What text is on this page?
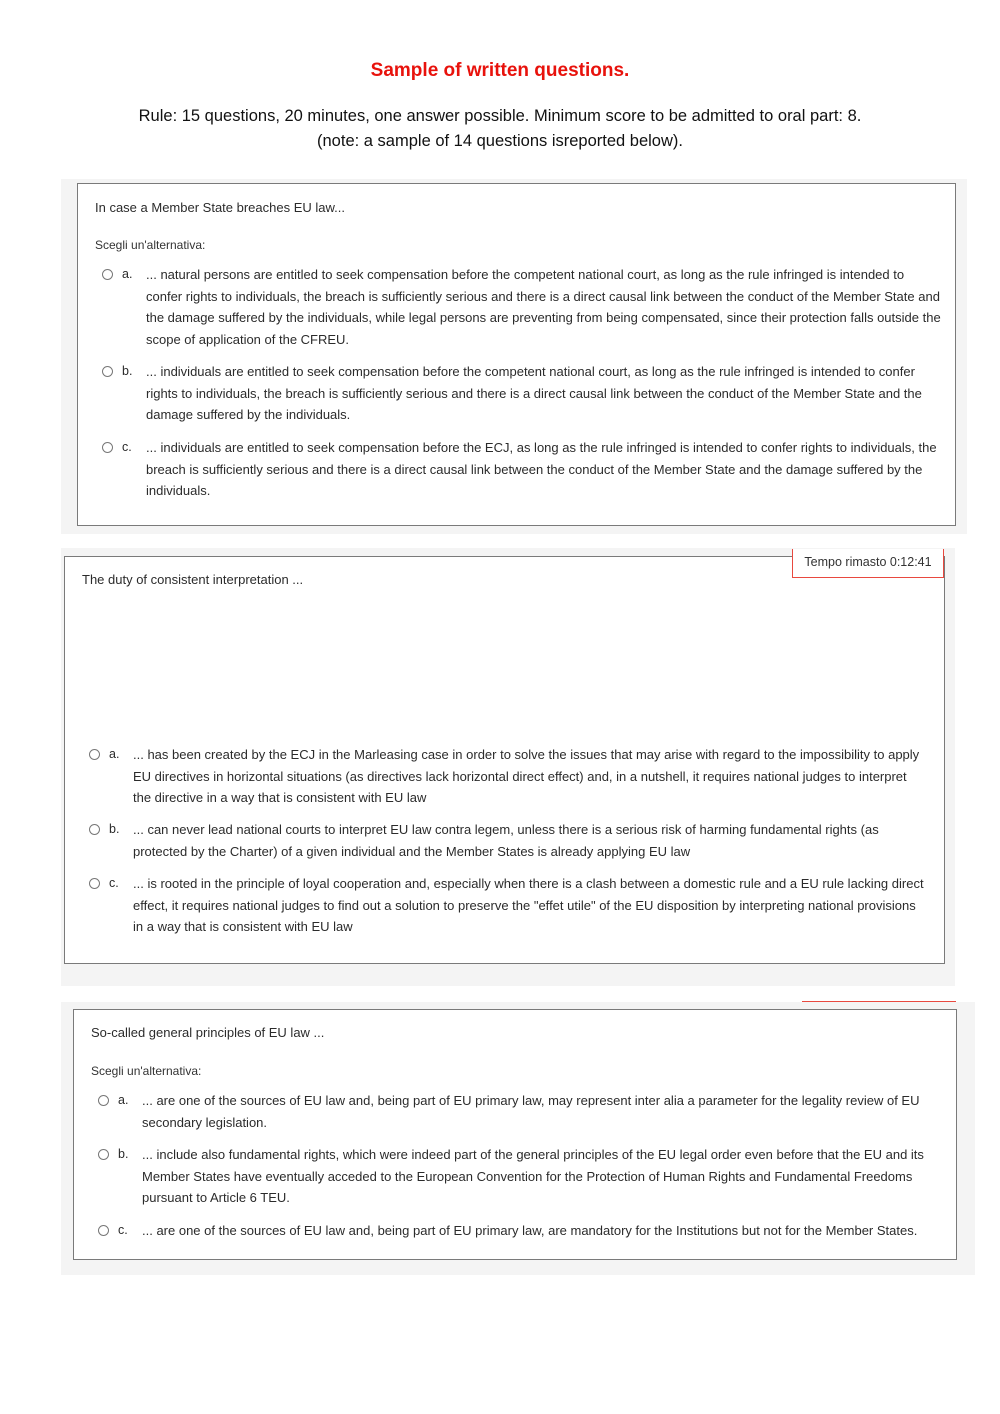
Sample of written questions.
Rule: 15 questions, 20 minutes, one answer possible. Minimum score to be admitted to oral part: 8.
(note: a sample of 14 questions isreported below).
In case a Member State breaches EU law...
Scegli un'alternativa:
a. ... natural persons are entitled to seek compensation before the competent national court, as long as the rule infringed is intended to confer rights to individuals, the breach is sufficiently serious and there is a direct causal link between the conduct of the Member State and the damage suffered by the individuals, while legal persons are preventing from being compensated, since their protection falls outside the scope of application of the CFREU.
b. ... individuals are entitled to seek compensation before the competent national court, as long as the rule infringed is intended to confer rights to individuals, the breach is sufficiently serious and there is a direct causal link between the conduct of the Member State and the damage suffered by the individuals.
c. ... individuals are entitled to seek compensation before the ECJ, as long as the rule infringed is intended to confer rights to individuals, the breach is sufficiently serious and there is a direct causal link between the conduct of the Member State and the damage suffered by the individuals.
The duty of consistent interpretation ...
a. ... has been created by the ECJ in the Marleasing case in order to solve the issues that may arise with regard to the impossibility to apply EU directives in horizontal situations (as directives lack horizontal direct effect) and, in a nutshell, it requires national judges to interpret the directive in a way that is consistent with EU law
b. ... can never lead national courts to interpret EU law contra legem, unless there is a serious risk of harming fundamental rights (as protected by the Charter) of a given individual and the Member States is already applying EU law
c. ... is rooted in the principle of loyal cooperation and, especially when there is a clash between a domestic rule and a EU rule lacking direct effect, it requires national judges to find out a solution to preserve the "effet utile" of the EU disposition by interpreting national provisions in a way that is consistent with EU law
Tempo rimasto 0:12:41
So-called general principles of EU law ...
Scegli un'alternativa:
a. ... are one of the sources of EU law and, being part of EU primary law, may represent inter alia a parameter for the legality review of EU secondary legislation.
b. ... include also fundamental rights, which were indeed part of the general principles of the EU legal order even before that the EU and its Member States have eventually acceded to the European Convention for the Protection of Human Rights and Fundamental Freedoms pursuant to Article 6 TEU.
c. ... are one of the sources of EU law and, being part of EU primary law, are mandatory for the Institutions but not for the Member States.
